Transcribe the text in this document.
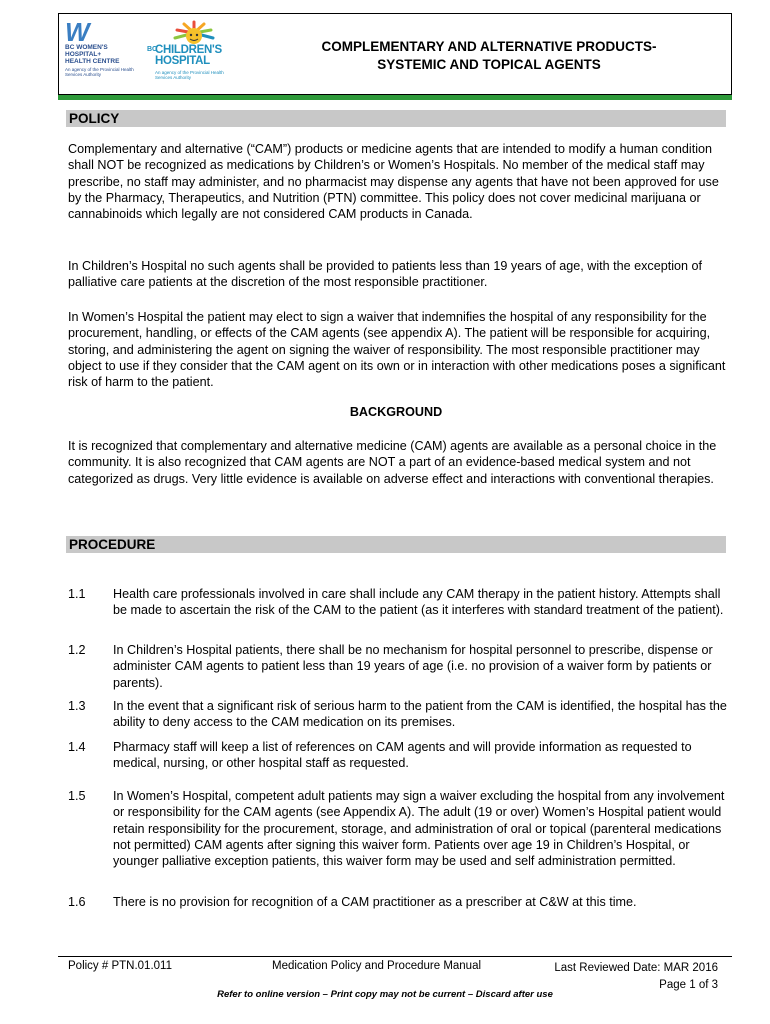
W
BC WOMEN'S
HOSPITAL+
HEALTH CENTRE
An agency of the Provincial Health Services Authority
BC
CHILDREN'S
HOSPITAL
An agency of the Provincial Health Services Authority
COMPLEMENTARY AND ALTERNATIVE PRODUCTS-
SYSTEMIC AND TOPICAL AGENTS
POLICY

Complementary and alternative (“CAM”) products or medicine agents that are intended to modify a human condition shall NOT be recognized as medications by Children’s or Women’s Hospitals. No member of the medical staff may prescribe, no staff may administer, and no pharmacist may dispense any agents that have not been approved for use by the Pharmacy, Therapeutics, and Nutrition (PTN) committee. This policy does not cover medicinal marijuana or cannabinoids which legally are not considered CAM products in Canada.

In Children’s Hospital no such agents shall be provided to patients less than 19 years of age, with the exception of palliative care patients at the discretion of the most responsible practitioner.

In Women’s Hospital the patient may elect to sign a waiver that indemnifies the hospital of any responsibility for the procurement, handling, or effects of the CAM agents (see appendix A). The patient will be responsible for acquiring, storing, and administering the agent on signing the waiver of responsibility. The most responsible practitioner may object to use if they consider that the CAM agent on its own or in interaction with other medications poses a significant risk of harm to the patient.

BACKGROUND

It is recognized that complementary and alternative medicine (CAM) agents are available as a personal choice in the community. It is also recognized that CAM agents are NOT a part of an evidence-based medical system and not categorized as drugs. Very little evidence is available on adverse effect and interactions with conventional therapies.

PROCEDURE
1.1 Health care professionals involved in care shall include any CAM therapy in the patient history. Attempts shall be made to ascertain the risk of the CAM to the patient (as it interferes with standard treatment of the patient).

1.2 In Children’s Hospital patients, there shall be no mechanism for hospital personnel to prescribe, dispense or administer CAM agents to patient less than 19 years of age (i.e. no provision of a waiver form by patients or parents).

1.3 In the event that a significant risk of serious harm to the patient from the CAM is identified, the hospital has the ability to deny access to the CAM medication on its premises.

1.4 Pharmacy staff will keep a list of references on CAM agents and will provide information as requested to medical, nursing, or other hospital staff as requested.

1.5 In Women’s Hospital, competent adult patients may sign a waiver excluding the hospital from any involvement or responsibility for the CAM agents (see Appendix A). The adult (19 or over) Women’s Hospital patient would retain responsibility for the procurement, storage, and administration of oral or topical (parenteral medications not permitted) CAM agents after signing this waiver form. Patients over age 19 in Children’s Hospital, or younger palliative exception patients, this waiver form may be used and self administration permitted.

1.6 There is no provision for recognition of a CAM practitioner as a prescriber at C&W at this time.

Policy # PTN.01.011	Medication Policy and Procedure Manual	Last Reviewed Date: MAR 2016
Page 1 of 3
Refer to online version – Print copy may not be current – Discard after use
